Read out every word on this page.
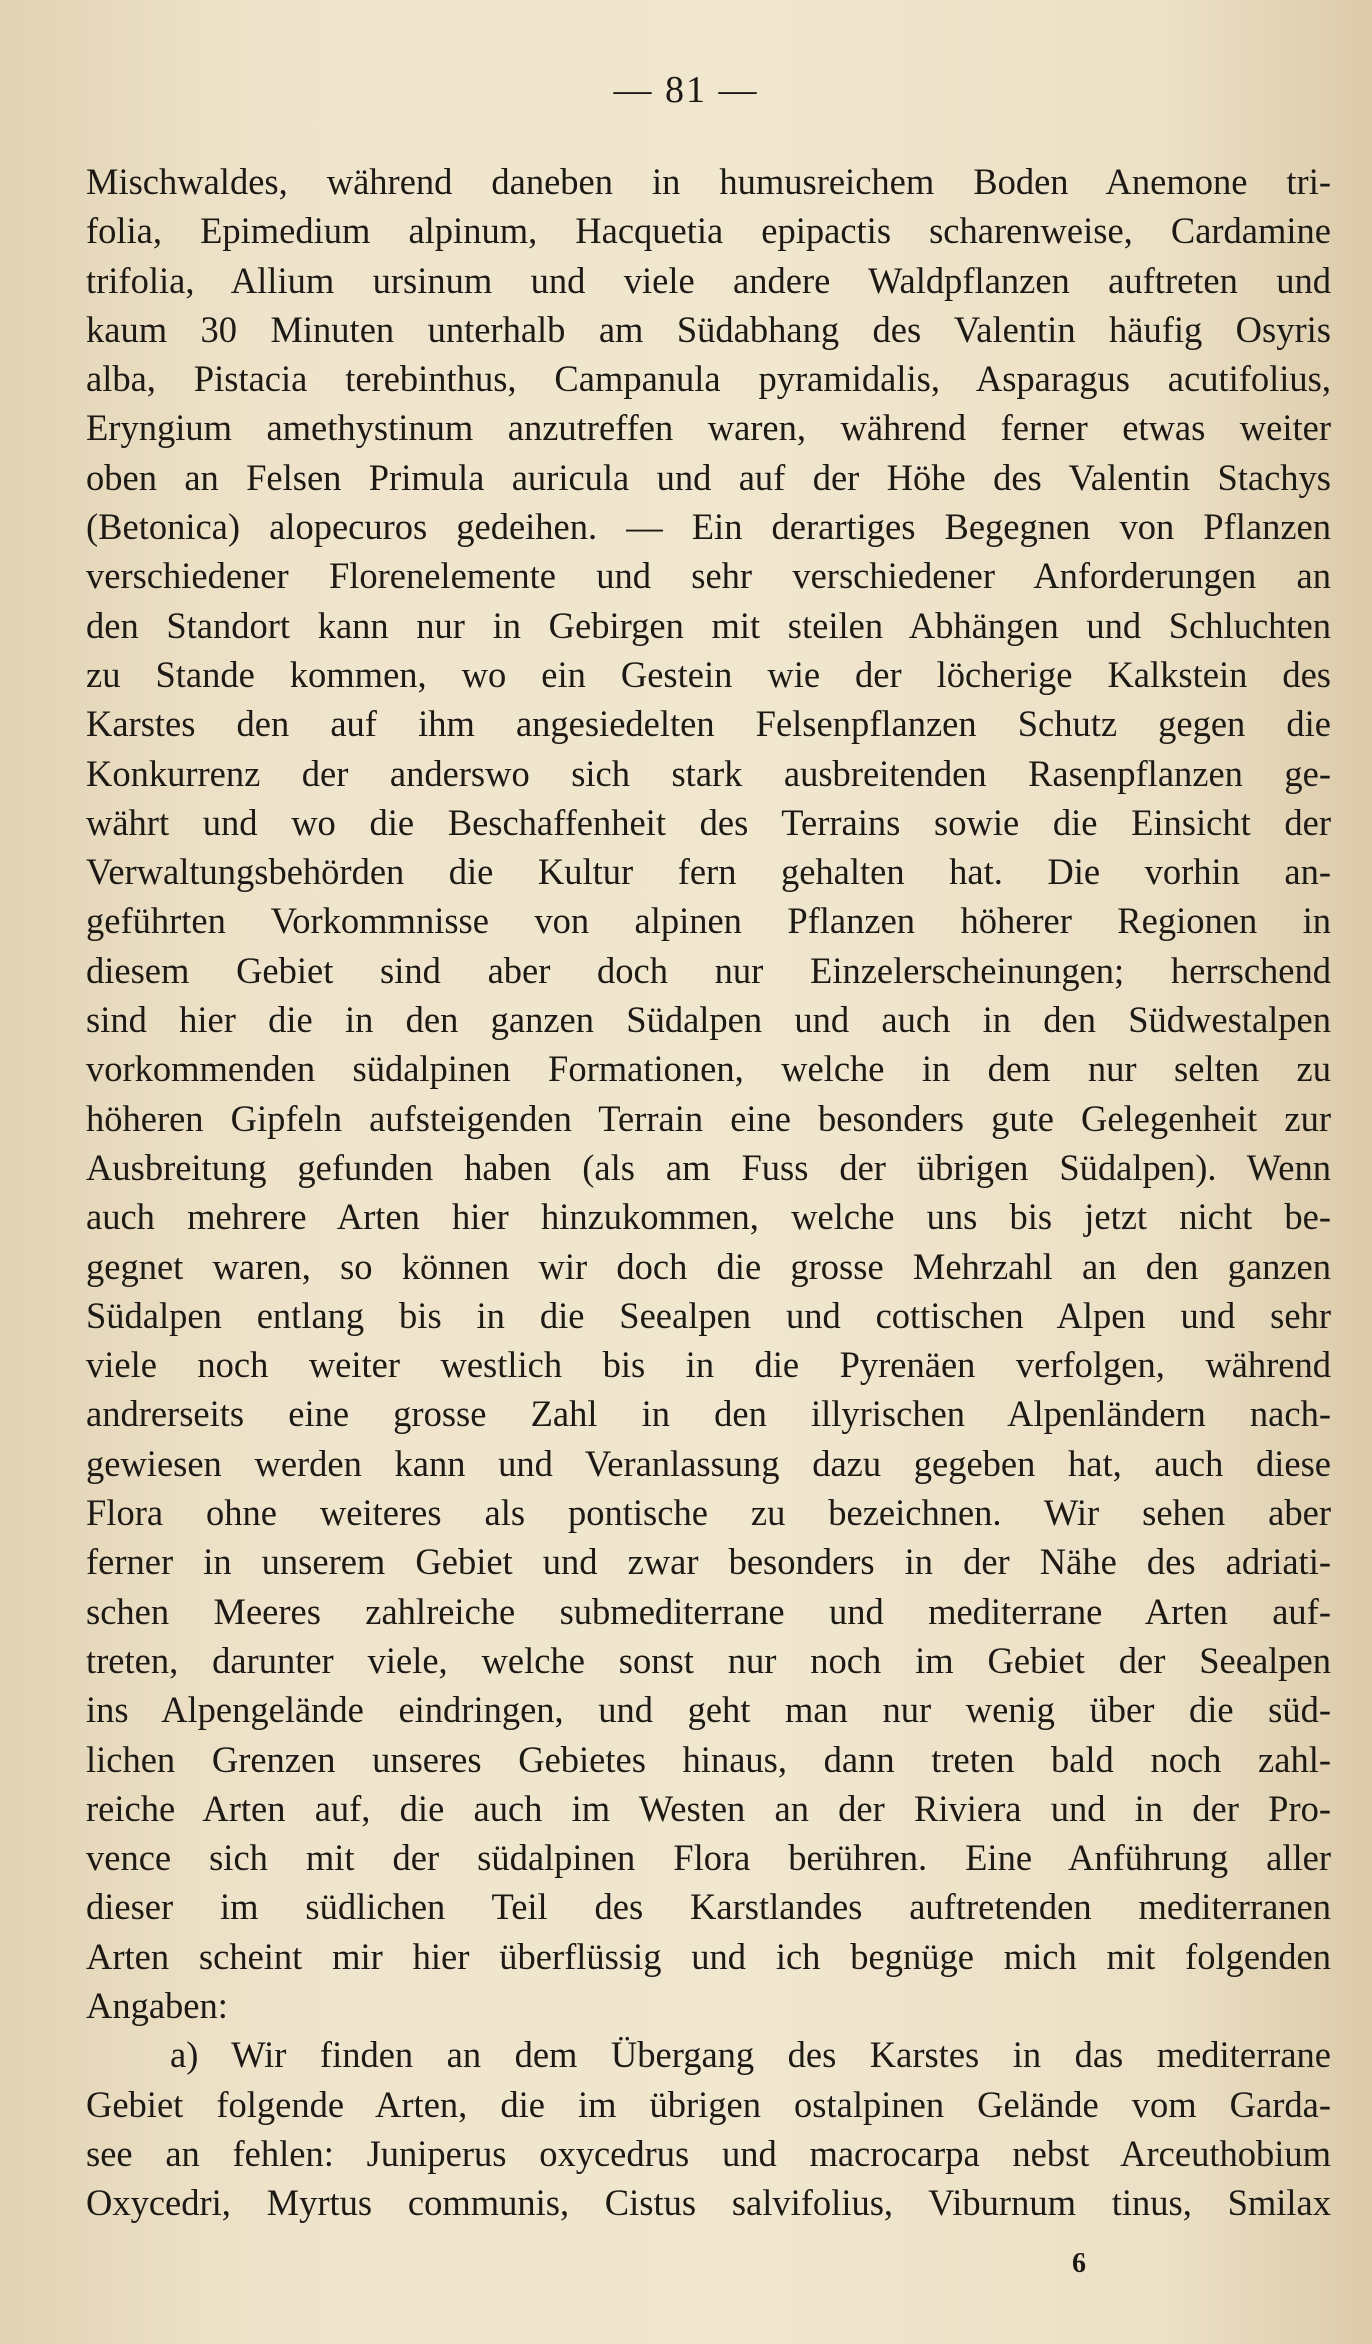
— 81 —
Mischwaldes, während daneben in humusreichem Boden Anemone tri-
folia, Epimedium alpinum, Hacquetia epipactis scharenweise, Cardamine
trifolia, Allium ursinum und viele andere Waldpflanzen auftreten und
kaum 30 Minuten unterhalb am Südabhang des Valentin häufig Osyris
alba, Pistacia terebinthus, Campanula pyramidalis, Asparagus acutifolius,
Eryngium amethystinum anzutreffen waren, während ferner etwas weiter
oben an Felsen Primula auricula und auf der Höhe des Valentin Stachys
(Betonica) alopecuros gedeihen. — Ein derartiges Begegnen von Pflanzen
verschiedener Florenelemente und sehr verschiedener Anforderungen an
den Standort kann nur in Gebirgen mit steilen Abhängen und Schluchten
zu Stande kommen, wo ein Gestein wie der löcherige Kalkstein des
Karstes den auf ihm angesiedelten Felsenpflanzen Schutz gegen die
Konkurrenz der anderswo sich stark ausbreitenden Rasenpflanzen ge-
währt und wo die Beschaffenheit des Terrains sowie die Einsicht der
Verwaltungsbehörden die Kultur fern gehalten hat. Die vorhin an-
geführten Vorkommnisse von alpinen Pflanzen höherer Regionen in
diesem Gebiet sind aber doch nur Einzelerscheinungen; herrschend
sind hier die in den ganzen Südalpen und auch in den Südwestalpen
vorkommenden südalpinen Formationen, welche in dem nur selten zu
höheren Gipfeln aufsteigenden Terrain eine besonders gute Gelegenheit zur
Ausbreitung gefunden haben (als am Fuss der übrigen Südalpen). Wenn
auch mehrere Arten hier hinzukommen, welche uns bis jetzt nicht be-
gegnet waren, so können wir doch die grosse Mehrzahl an den ganzen
Südalpen entlang bis in die Seealpen und cottischen Alpen und sehr
viele noch weiter westlich bis in die Pyrenäen verfolgen, während
andrerseits eine grosse Zahl in den illyrischen Alpenländern nach-
gewiesen werden kann und Veranlassung dazu gegeben hat, auch diese
Flora ohne weiteres als pontische zu bezeichnen. Wir sehen aber
ferner in unserem Gebiet und zwar besonders in der Nähe des adriati-
schen Meeres zahlreiche submediterrane und mediterrane Arten auf-
treten, darunter viele, welche sonst nur noch im Gebiet der Seealpen
ins Alpengelände eindringen, und geht man nur wenig über die süd-
lichen Grenzen unseres Gebietes hinaus, dann treten bald noch zahl-
reiche Arten auf, die auch im Westen an der Riviera und in der Pro-
vence sich mit der südalpinen Flora berühren. Eine Anführung aller
dieser im südlichen Teil des Karstlandes auftretenden mediterranen
Arten scheint mir hier überflüssig und ich begnüge mich mit folgenden
Angaben:
a) Wir finden an dem Übergang des Karstes in das mediterrane
Gebiet folgende Arten, die im übrigen ostalpinen Gelände vom Garda-
see an fehlen: Juniperus oxycedrus und macrocarpa nebst Arceuthobium
Oxycedri, Myrtus communis, Cistus salvifolius, Viburnum tinus, Smilax
6
